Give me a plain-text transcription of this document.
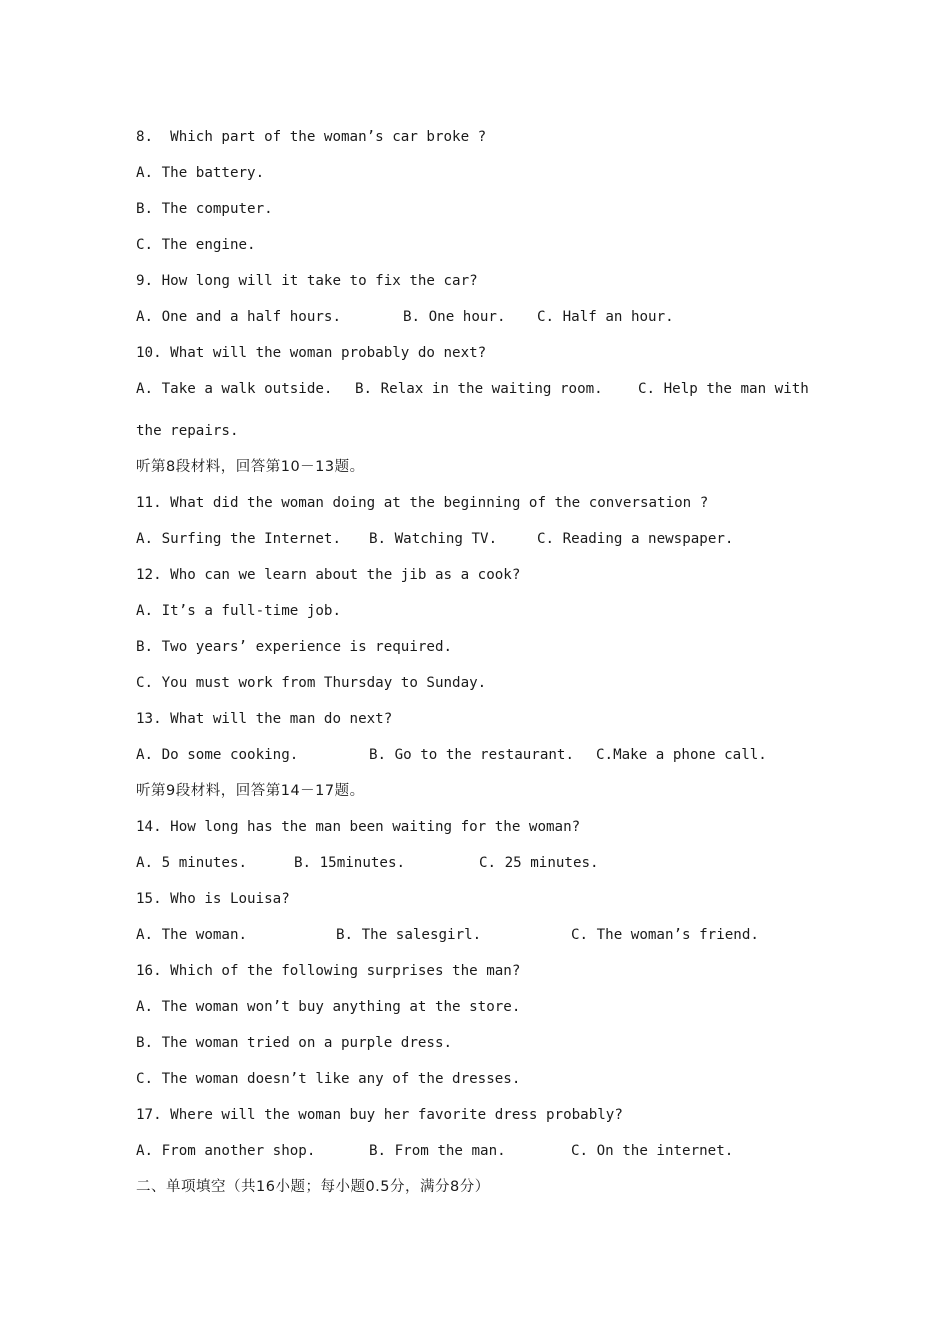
8.  Which part of the woman’s car broke ?
A. The battery.
B. The computer.
C. The engine.
9. How long will it take to fix the car?

A. One and a half hours.

	B. One hour.

C. Half an hour.

10. What will the woman probably do next?

A. Take a walk outside.

B. Relax in the waiting room.

C. Help the man with

the repairs.
听第8段材料，回答第10－13题。
11. What did the woman doing at the beginning of the conversation ?

A. Surfing the Internet.

B. Watching TV.

	C. Reading a newspaper.

12. Who can we learn about the jib as a cook?
A. It’s a full-time job.
B. Two years’ experience is required.
C. You must work from Thursday to Sunday.
13. What will the man do next?

A. Do some cooking.

	B. Go to the restaurant.

C.Make a phone call.

听第9段材料，回答第14－17题。
14. How long has the man been waiting for the woman?

A. 5 minutes.

	B. 15minutes.

	C. 25 minutes.

15. Who is Louisa?

A. The woman.

	B. The salesgirl.

	C. The woman’s friend.

16. Which of the following surprises the man?
A. The woman won’t buy anything at the store.
B. The woman tried on a purple dress.
C. The woman doesn’t like any of the dresses.
17. Where will the woman buy her favorite dress probably?

A. From another shop.

	B. From the man.

	C. On the internet.

二、单项填空（共16小题；每小题0.5分，满分8分）
